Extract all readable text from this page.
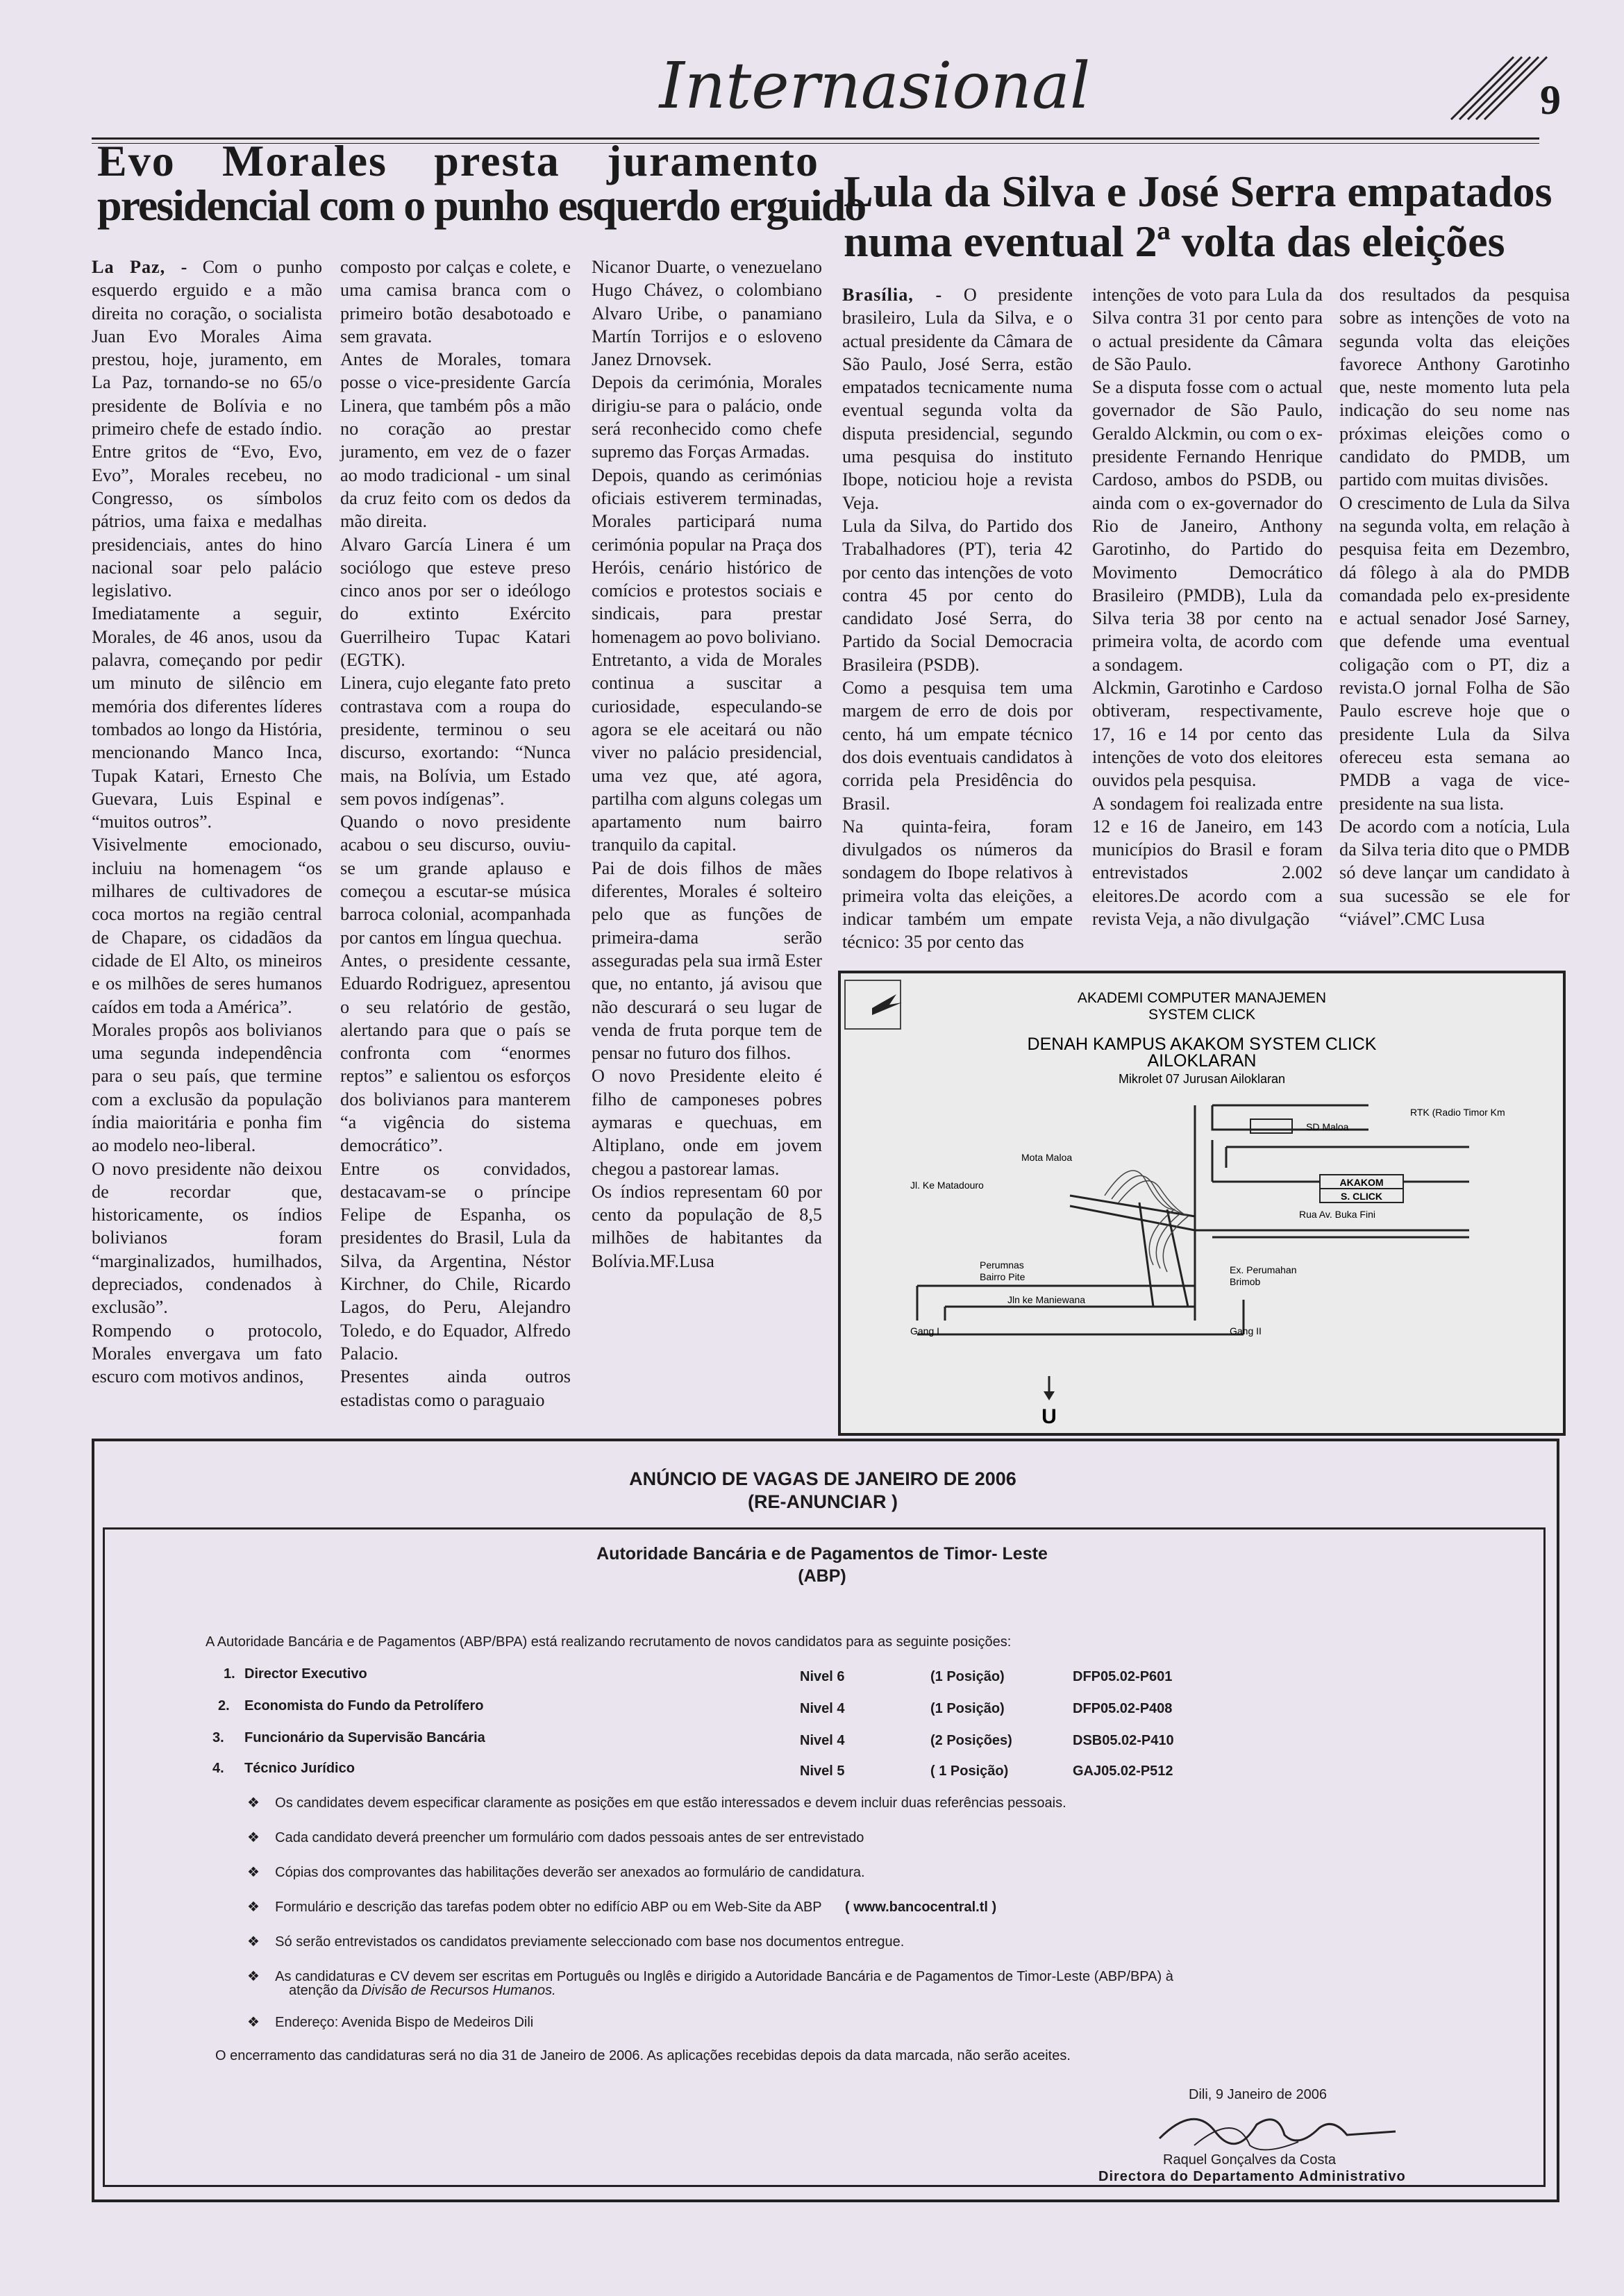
Internasional	9
Evo Morales presta juramento
presidencial com o punho esquerdo erguido

La Paz, - Com o punho esquerdo erguido e a mão direita no coração, o socialista Juan Evo Morales Aima prestou, hoje, juramento, em La Paz, tornando-se no 65/o presidente de Bolívia e no primeiro chefe de estado índio. Entre gritos de “Evo, Evo, Evo”, Morales recebeu, no Congresso, os símbolos pátrios, uma faixa e medalhas presidenciais, antes do hino nacional soar pelo palácio legislativo.

Imediatamente a seguir, Morales, de 46 anos, usou da palavra, começando por pedir um minuto de silêncio em memória dos diferentes líderes tombados ao longo da História, mencionando Manco Inca, Tupak Katari, Ernesto Che Guevara, Luis Espinal e “muitos outros”.

Visivelmente emocionado, incluiu na homenagem “os milhares de cultivadores de coca mortos na região central de Chapare, os cidadãos da cidade de El Alto, os mineiros e os milhões de seres humanos caídos em toda a América”.

Morales propôs aos bolivianos uma segunda independência para o seu país, que termine com a exclusão da população índia maioritária e ponha fim ao modelo neo-liberal.

O novo presidente não deixou de recordar que, historicamente, os índios bolivianos foram “marginalizados, humilhados, depreciados, condenados à exclusão”.

Rompendo o protocolo, Morales envergava um fato escuro com motivos andinos,

composto por calças e colete, e uma camisa branca com o primeiro botão desabotoado e sem gravata.

Antes de Morales, tomara posse o vice-presidente García Linera, que também pôs a mão no coração ao prestar juramento, em vez de o fazer ao modo tradicional - um sinal da cruz feito com os dedos da mão direita.

Alvaro García Linera é um sociólogo que esteve preso cinco anos por ser o ideólogo do extinto Exército Guerrilheiro Tupac Katari (EGTK).

Linera, cujo elegante fato preto contrastava com a roupa do presidente, terminou o seu discurso, exortando: “Nunca mais, na Bolívia, um Estado sem povos indígenas”.

Quando o novo presidente acabou o seu discurso, ouviu-se um grande aplauso e começou a escutar-se música barroca colonial, acompanhada por cantos em língua quechua.

Antes, o presidente cessante, Eduardo Rodriguez, apresentou o seu relatório de gestão, alertando para que o país se confronta com “enormes reptos” e salientou os esforços dos bolivianos para manterem “a vigência do sistema democrático”.

Entre os convidados, destacavam-se o príncipe Felipe de Espanha, os presidentes do Brasil, Lula da Silva, da Argentina, Néstor Kirchner, do Chile, Ricardo Lagos, do Peru, Alejandro Toledo, e do Equador, Alfredo Palacio.

Presentes ainda outros estadistas como o paraguaio

Nicanor Duarte, o venezuelano Hugo Chávez, o colombiano Alvaro Uribe, o panamiano Martín Torrijos e o esloveno Janez Drnovsek.

Depois da cerimónia, Morales dirigiu-se para o palácio, onde será reconhecido como chefe supremo das Forças Armadas.

Depois, quando as cerimónias oficiais estiverem terminadas, Morales participará numa cerimónia popular na Praça dos Heróis, cenário histórico de comícios e protestos sociais e sindicais, para prestar homenagem ao povo boliviano.

Entretanto, a vida de Morales continua a suscitar a curiosidade, especulando-se agora se ele aceitará ou não viver no palácio presidencial, uma vez que, até agora, partilha com alguns colegas um apartamento num bairro tranquilo da capital.

Pai de dois filhos de mães diferentes, Morales é solteiro pelo que as funções de primeira-dama serão asseguradas pela sua irmã Ester que, no entanto, já avisou que não descurará o seu lugar de venda de fruta porque tem de pensar no futuro dos filhos.

O novo Presidente eleito é filho de camponeses pobres aymaras e quechuas, em Altiplano, onde em jovem chegou a pastorear lamas.

Os índios representam 60 por cento da população de 8,5 milhões de habitantes da Bolívia.MF.Lusa

Lula da Silva e José Serra empatados numa eventual 2ª volta das eleições

Brasília, - O presidente brasileiro, Lula da Silva, e o actual presidente da Câmara de São Paulo, José Serra, estão empatados tecnicamente numa eventual segunda volta da disputa presidencial, segundo uma pesquisa do instituto Ibope, noticiou hoje a revista Veja.

Lula da Silva, do Partido dos Trabalhadores (PT), teria 42 por cento das intenções de voto contra 45 por cento do candidato José Serra, do Partido da Social Democracia Brasileira (PSDB).

Como a pesquisa tem uma margem de erro de dois por cento, há um empate técnico dos dois eventuais candidatos à corrida pela Presidência do Brasil.

Na quinta-feira, foram divulgados os números da sondagem do Ibope relativos à primeira volta das eleições, a indicar também um empate técnico: 35 por cento das

intenções de voto para Lula da Silva contra 31 por cento para o actual presidente da Câmara de São Paulo.

Se a disputa fosse com o actual governador de São Paulo, Geraldo Alckmin, ou com o ex-presidente Fernando Henrique Cardoso, ambos do PSDB, ou ainda com o ex-governador do Rio de Janeiro, Anthony Garotinho, do Partido do Movimento Democrático Brasileiro (PMDB), Lula da Silva teria 38 por cento na primeira volta, de acordo com a sondagem.

Alckmin, Garotinho e Cardoso obtiveram, respectivamente, 17, 16 e 14 por cento das intenções de voto dos eleitores ouvidos pela pesquisa.

A sondagem foi realizada entre 12 e 16 de Janeiro, em 143 municípios do Brasil e foram entrevistados 2.002 eleitores.De acordo com a revista Veja, a não divulgação

dos resultados da pesquisa sobre as intenções de voto na segunda volta das eleições favorece Anthony Garotinho que, neste momento luta pela indicação do seu nome nas próximas eleições como o candidato do PMDB, um partido com muitas divisões.

O crescimento de Lula da Silva na segunda volta, em relação à pesquisa feita em Dezembro, dá fôlego à ala do PMDB comandada pelo ex-presidente e actual senador José Sarney, que defende uma eventual coligação com o PT, diz a revista.O jornal Folha de São Paulo escreve hoje que o presidente Lula da Silva ofereceu esta semana ao PMDB a vaga de vice-presidente na sua lista.

De acordo com a notícia, Lula da Silva teria dito que o PMDB só deve lançar um candidato à sua sucessão se ele for “viável”.CMC Lusa

AKADEMI COMPUTER MANAJEMEN
SYSTEM CLICK
DENAH KAMPUS AKAKOM SYSTEM CLICK
AILOKLARAN
Mikrolet 07 Jurusan Ailoklaran
AKAKOM
S. CLICK
RTK (Radio Timor Km
SD Maloa
Mota Maloa
Jl. Ke Matadouro
Rua Av. Buka Fini
Perumnas
Bairro Pite
Ex. Perumahan
Brimob
Jln ke Maniewana
Gang I	Gang II
U
ANÚNCIO DE VAGAS DE JANEIRO DE 2006
(RE-ANUNCIAR )
Autoridade Bancária e de Pagamentos de Timor- Leste
(ABP)
A Autoridade Bancária e de Pagamentos (ABP/BPA) está realizando recrutamento de novos candidatos para as seguinte posições:
1. Director Executivo	Nivel 6	(1 Posição)	DFP05.02-P601
2. Economista do Fundo da Petrolífero	Nivel 4	(1 Posição)	DFP05.02-P408
3. Funcionário da Supervisão Bancária	Nivel 4	(2 Posições)	DSB05.02-P410
4. Técnico Jurídico	Nivel 5	( 1 Posição)	GAJ05.02-P512
❖ Os candidates devem especificar claramente as posições em que estão interessados e devem incluir duas referências pessoais.
❖ Cada candidato deverá preencher um formulário com dados pessoais antes de ser entrevistado
❖ Cópias dos comprovantes das habilitações deverão ser anexados ao formulário de candidatura.
❖ Formulário e descrição das tarefas podem obter no edifício ABP ou em Web-Site da ABP ( www.bancocentral.tl )
❖ Só serão entrevistados os candidatos previamente seleccionado com base nos documentos entregue.
❖ As candidaturas e CV devem ser escritas em Português ou Inglês e dirigido a Autoridade Bancária e de Pagamentos de Timor-Leste (ABP/BPA) à
atenção da Divisão de Recursos Humanos.
❖ Endereço: Avenida Bispo de Medeiros Dili
O encerramento das candidaturas será no dia 31 de Janeiro de 2006. As aplicações recebidas depois da data marcada, não serão aceites.
Dili, 9 Janeiro de 2006
Raquel Gonçalves da Costa
Directora do Departamento Administrativo
